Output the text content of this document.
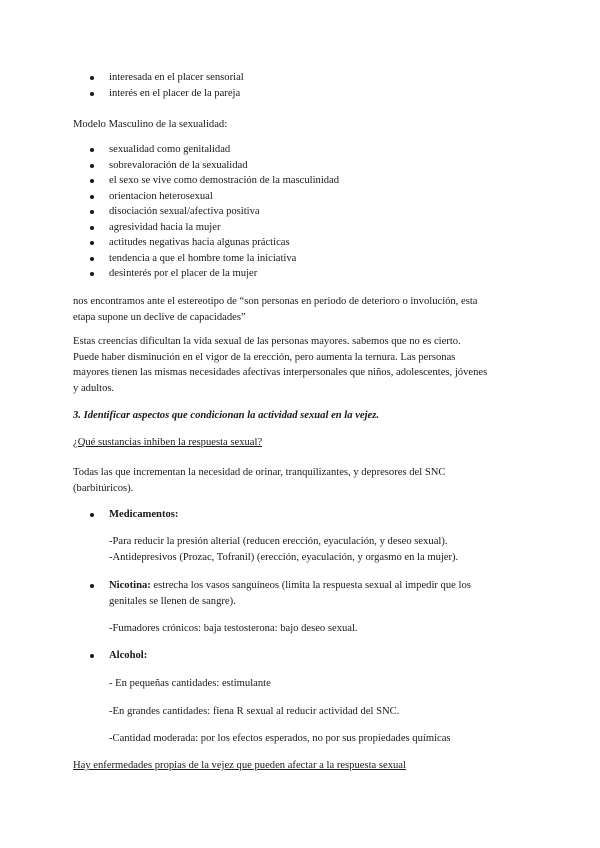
interesada en el placer sensorial
interés en el placer de la pareja

Modelo Masculino de la sexualidad:

sexualidad como genitalidad
sobrevaloración de la sexualidad
el sexo se vive como demostración de la masculinidad
orientacion heterosexual
disociación sexual/afectiva positiva
agresividad hacia la mujer
actitudes negativas hacia algunas prácticas
tendencia a que el hombre tome la iniciativa
desinterés por el placer de la mujer

nos encontramos ante el estereotipo de “son personas en periodo de deterioro o involución, esta

etapa supone un declive de capacidades”

Estas creencias dificultan la vida sexual de las personas mayores. sabemos que no es cierto.

Puede haber disminución en el vigor de la erección, pero aumenta la ternura. Las personas

mayores tienen las mismas necesidades afectivas interpersonales que niños, adolescentes, jóvenes

y adultos.

3. Identificar aspectos que condicionan la actividad sexual en la vejez.

¿Qué sustancias inhiben la respuesta sexual?

Todas las que incrementan la necesidad de orinar, tranquilizantes, y depresores del SNC

(barbitúricos).

Medicamentos:

-Para reducir la presión alterial (reducen erección, eyaculación, y deseo sexual).

-Antidepresivos (Prozac, Tofranil) (erección, eyaculación, y orgasmo en la mujer).

Nicotina: estrecha los vasos sanguíneos (limita la respuesta sexual al impedir que los

genitales se llenen de sangre).

-Fumadores crónicos: baja testosterona: bajo deseo sexual.

Alcohol:

- En pequeñas cantidades: estimulante

-En grandes cantidades: fiena R sexual al reducir actividad del SNC.

-Cantidad moderada: por los efectos esperados, no por sus propiedades químicas

Hay enfermedades propias de la vejez que pueden afectar a la respuesta sexual
